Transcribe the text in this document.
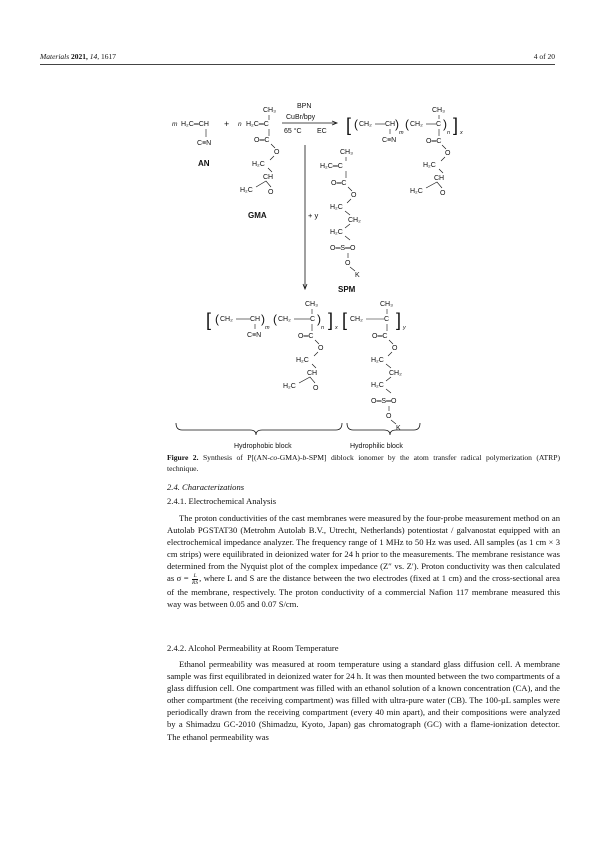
Materials 2021, 14, 1617	4 of 20
m H₂C═CH
C≡N
AN
+ n H₂C═C
CH₃
O═C
O
H₂C
CH
H₂C O
GMA
BPN
CuBr/bpy
65 °C EC [ ( CH₂ CH )
m
C≡N
( CH₂ C )
n ] x
CH₃
O═C
O
H₂C
CH
H₂C O
+ y
CH₃
H₂C═C
O═C
O
H₂C
CH₂
H₂C
O═S═O
O
K
SPM
[ ( CH₂ CH )
m
C≡N
( CH₂	C )
n ] x [ CH₂	C ] y
CH₃
O═C
O
H₂C
CH
H₂C O
CH₃
O═C
O
H₂C
CH₂
H₂C
O═S═O
O
K
Hydrophobic block	Hydrophilic block
Figure 2. Synthesis of P[(AN-co-GMA)-b-SPM] diblock ionomer by the atom transfer radical polymerization (ATRP) technique.
2.4. Characterizations
2.4.1. Electrochemical Analysis
The proton conductivities of the cast membranes were measured by the four-probe measurement method on an Autolab PGSTAT30 (Metrohm Autolab B.V., Utrecht, Netherlands) potentiostat / galvanostat equipped with an electrochemical impedance analyzer. The frequency range of 1 MHz to 50 Hz was used. All samples (as 1 cm × 3 cm strips) were equilibrated in deionized water for 24 h prior to the measurements. The membrane resistance was determined from the Nyquist plot of the complex impedance (Z″ vs. Z′). Proton conductivity was then calculated as $\sigma = \frac{L}{RS}$ , where L and S are the distance between the two electrodes (fixed at 1 cm) and the cross-sectional area of the membrane, respectively. The proton conductivity of a commercial Nafion 117 membrane measured this way was between 0.05 and 0.07 S/cm.
2.4.2. Alcohol Permeability at Room Temperature
Ethanol permeability was measured at room temperature using a standard glass diffusion cell. A membrane sample was first equilibrated in deionized water for 24 h. It was then mounted between the two compartments of a glass diffusion cell. One compartment was filled with an ethanol solution of a known concentration (CA), and the other compartment (the receiving compartment) was filled with ultra-pure water (CB). The 100-µL samples were periodically drawn from the receiving compartment (every 40 min apart), and their compositions were analyzed by a Shimadzu GC-2010 (Shimadzu, Kyoto, Japan) gas chromatograph (GC) with a flame-ionization detector. The ethanol permeability was
